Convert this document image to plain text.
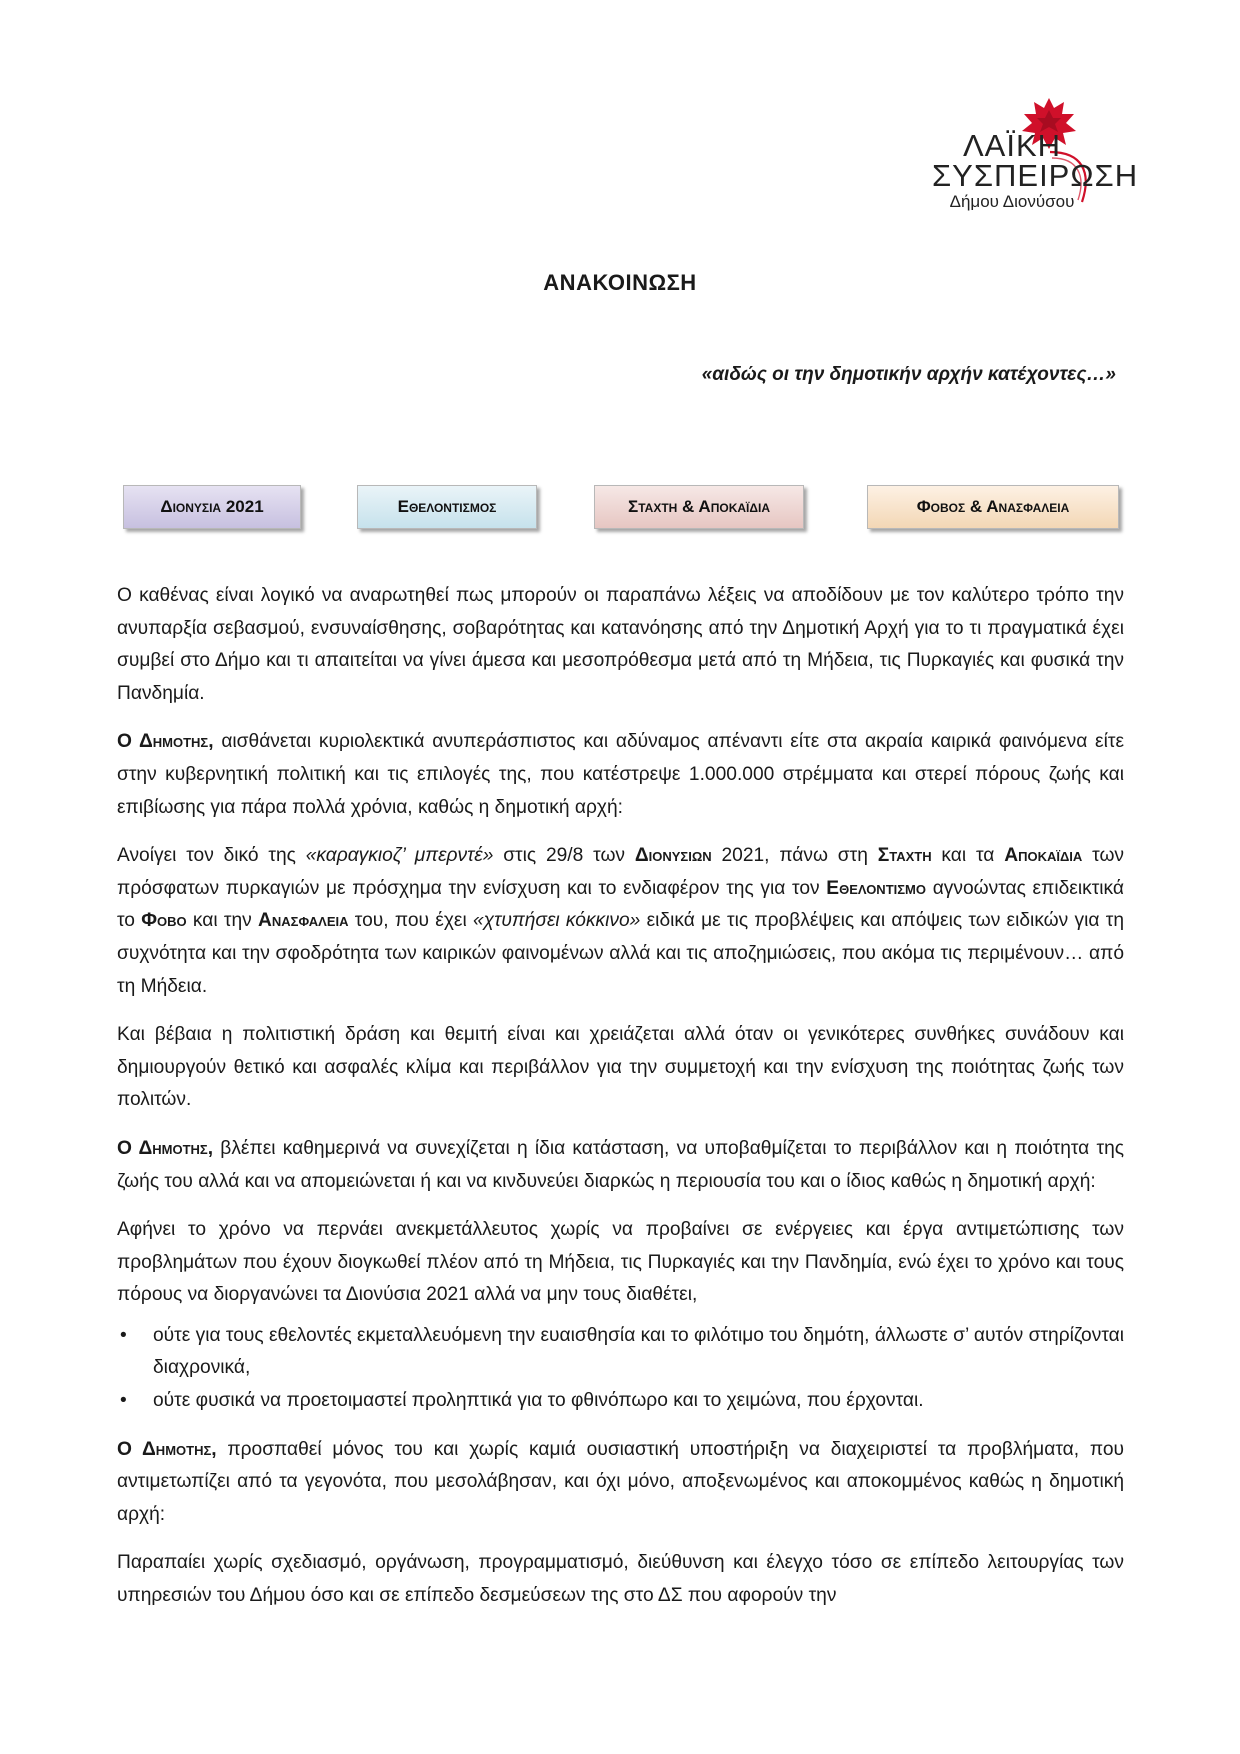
ΛΑΪΚΗ
ΣΥΣΠΕΙΡΩΣΗ
Δήμου Διονύσου
ΑΝΑΚΟΙΝΩΣΗ
«αιδώς οι την δημοτικήν αρχήν κατέχοντες…»
Διονυσια 2021	Εθελοντισμος	Σταχτη & Αποκαϊδια	Φοβος & Ανασφαλεια

Ο καθένας είναι λογικό να αναρωτηθεί πως μπορούν οι παραπάνω λέξεις να αποδίδουν με τον καλύτερο τρόπο την ανυπαρξία σεβασμού, ενσυναίσθησης, σοβαρότητας και κατανόησης από την Δημοτική Αρχή για το τι πραγματικά έχει συμβεί στο Δήμο και τι απαιτείται να γίνει άμεσα και μεσοπρόθεσμα μετά από τη Μήδεια, τις Πυρκαγιές και φυσικά την Πανδημία.

Ο Δημοτης, αισθάνεται κυριολεκτικά ανυπεράσπιστος και αδύναμος απέναντι είτε στα ακραία καιρικά φαινόμενα είτε στην κυβερνητική πολιτική και τις επιλογές της, που κατέστρεψε 1.000.000 στρέμματα και στερεί πόρους ζωής και επιβίωσης για πάρα πολλά χρόνια, καθώς η δημοτική αρχή:

Ανοίγει τον δικό της «καραγκιοζ’ μπερντέ» στις 29/8 των Διονυσιων 2021, πάνω στη Σταχτη και τα Αποκαϊδια των πρόσφατων πυρκαγιών με πρόσχημα την ενίσχυση και το ενδιαφέρον της για τον Εθελοντισμο αγνοώντας επιδεικτικά το Φοβο και την Ανασφαλεια του, που έχει «χτυπήσει κόκκινο» ειδικά με τις προβλέψεις και απόψεις των ειδικών για τη συχνότητα και την σφοδρότητα των καιρικών φαινομένων αλλά και τις αποζημιώσεις, που ακόμα τις περιμένουν… από τη Μήδεια.

Και βέβαια η πολιτιστική δράση και θεμιτή είναι και χρειάζεται αλλά όταν οι γενικότερες συνθήκες συνάδουν και δημιουργούν θετικό και ασφαλές κλίμα και περιβάλλον για την συμμετοχή και την ενίσχυση της ποιότητας ζωής των πολιτών.

Ο Δημοτης, βλέπει καθημερινά να συνεχίζεται η ίδια κατάσταση, να υποβαθμίζεται το περιβάλλον και η ποιότητα της ζωής του αλλά και να απομειώνεται ή και να κινδυνεύει διαρκώς η περιουσία του και ο ίδιος καθώς η δημοτική αρχή:

Αφήνει το χρόνο να περνάει ανεκμετάλλευτος χωρίς να προβαίνει σε ενέργειες και έργα αντιμετώπισης των προβλημάτων που έχουν διογκωθεί πλέον από τη Μήδεια, τις Πυρκαγιές και την Πανδημία, ενώ έχει το χρόνο και τους πόρους να διοργανώνει τα Διονύσια 2021 αλλά να μην τους διαθέτει,

• ούτε για τους εθελοντές εκμεταλλευόμενη την ευαισθησία και το φιλότιμο του δημότη, άλλωστε σ’ αυτόν στηρίζονται διαχρονικά,
• ούτε φυσικά να προετοιμαστεί προληπτικά για το φθινόπωρο και το χειμώνα, που έρχονται.

Ο Δημοτης, προσπαθεί μόνος του και χωρίς καμιά ουσιαστική υποστήριξη να διαχειριστεί τα προβλήματα, που αντιμετωπίζει από τα γεγονότα, που μεσολάβησαν, και όχι μόνο, αποξενωμένος και αποκομμένος καθώς η δημοτική αρχή:

Παραπαίει χωρίς σχεδιασμό, οργάνωση, προγραμματισμό, διεύθυνση και έλεγχο τόσο σε επίπεδο λειτουργίας των υπηρεσιών του Δήμου όσο και σε επίπεδο δεσμεύσεων της στο ΔΣ που αφορούν την
